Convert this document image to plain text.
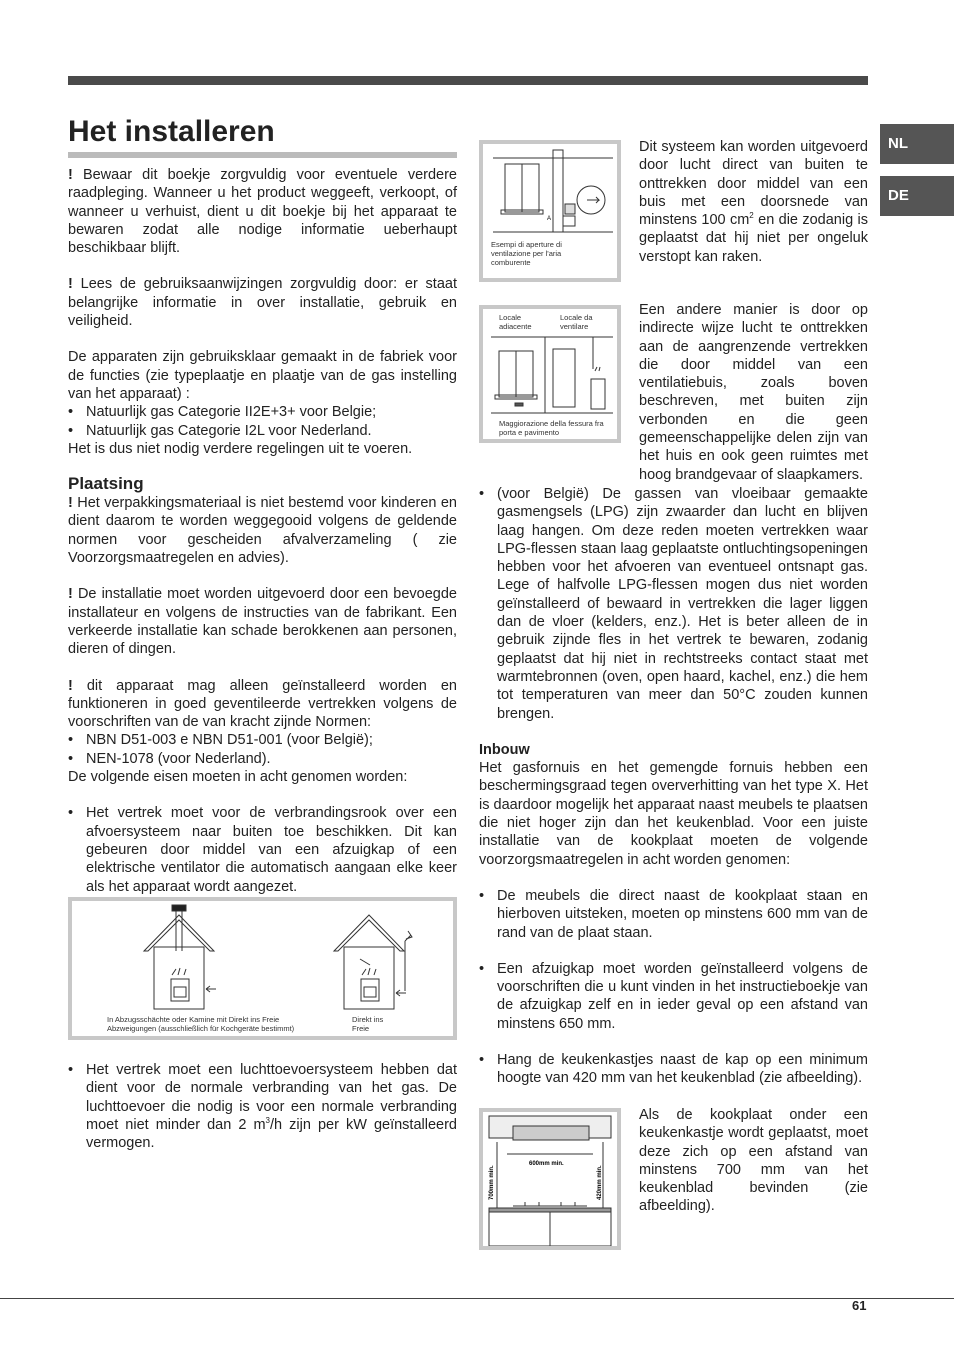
NL
DE
Het installeren

! Bewaar dit boekje zorgvuldig voor eventuele verdere raadpleging. Wanneer u het product weggeeft, verkoopt, of wanneer u verhuist, dient u dit boekje bij het apparaat te bewaren zodat alle nodige informatie ueberhaupt beschikbaar blijft.

! Lees de gebruiksaanwijzingen zorgvuldig door: er staat belangrijke informatie in over installatie, gebruik en veiligheid.

De apparaten zijn gebruiksklaar gemaakt in de fabriek voor de functies (zie typeplaatje en plaatje van de gas instelling van het apparaat) :

• Natuurlijk gas Categorie II2E+3+ voor Belgie;
• Natuurlijk gas Categorie I2L voor Nederland.

Het is dus niet nodig verdere regelingen uit te voeren.

Plaatsing

! Het verpakkingsmateriaal is niet bestemd voor kinderen en dient daarom te worden weggegooid volgens de geldende normen voor gescheiden afvalverzameling ( zie Voorzorgsmaatregelen en advies).

! De installatie moet worden uitgevoerd door een bevoegde installateur en volgens de instructies van de fabrikant. Een verkeerde installatie kan schade berokkenen aan personen, dieren of dingen.

! dit apparaat mag alleen geïnstalleerd worden en funktioneren in goed geventileerde vertrekken volgens de voorschriften van de van kracht zijnde Normen:

• NBN D51-003 e NBN D51-001 (voor België);
• NEN-1078 (voor Nederland).

De volgende eisen moeten in acht genomen worden:

• Het vertrek moet voor de verbrandingsrook over een afvoersysteem naar buiten toe beschikken. Dit kan gebeuren door middel van een afzuigkap of een elektrische ventilator die automatisch aangaan elke keer als het apparaat wordt aangezet.
In Abzugsschächte oder Kamine mit Direkt ins Freie Abzweigungen (ausschließlich für Kochgeräte bestimmt)
Direkt ins Freie
• Het vertrek moet een luchttoevoersysteem hebben dat dient voor de normale verbranding van het gas. De luchttoevoer die nodig is voor een normale verbranding moet niet minder dan 2 $m^3/h$ zijn per kW geïnstalleerd vermogen.
A
Esempi di aperture di ventilazione per l'aria comburente

Dit systeem kan worden uitgevoerd door lucht direct van buiten te onttrekken door middel van een buis met een doorsnede van minstens 100 $cm^2$ en die zodanig is geplaatst dat hij niet per ongeluk verstopt kan raken.

Locale adiacente
Locale da ventilare
Maggiorazione della fessura fra porta e pavimento

Een andere manier is door op indirecte wijze lucht te onttrekken aan de aangrenzende vertrekken die door middel van een ventilatiebuis, zoals boven beschreven, met buiten zijn verbonden en die geen gemeenschappelijke delen zijn van het huis en ook geen ruimtes met hoog brandgevaar of slaapkamers.

• (voor België) De gassen van vloeibaar gemaakte gasmengsels (LPG) zijn zwaarder dan lucht en blijven laag hangen. Om deze reden moeten vertrekken waar LPG-flessen staan laag geplaatste ontluchtingsopeningen hebben voor het afvoeren van eventueel ontsnapt gas. Lege of halfvolle LPG-flessen mogen dus niet worden geïnstalleerd of bewaard in vertrekken die lager liggen dan de vloer (kelders, enz.). Het is beter alleen de in gebruik zijnde fles in het vertrek te bewaren, zodanig geplaatst dat hij niet in rechtstreeks contact staat met warmtebronnen (oven, open haard, kachel, enz.) die hem tot temperaturen van meer dan 50°C zouden kunnen brengen.
Inbouw

Het gasfornuis en het gemengde fornuis hebben een beschermingsgraad tegen oververhitting van het type X. Het is daardoor mogelijk het apparaat naast meubels te plaatsen die niet hoger zijn dan het keukenblad. Voor een juiste installatie van de kookplaat moeten de volgende voorzorgsmaatregelen in acht worden genomen:

• De meubels die direct naast de kookplaat staan en hierboven uitsteken, moeten op minstens 600 mm van de rand van de plaat staan.
• Een afzuigkap moet worden geïnstalleerd volgens de voorschriften die u kunt vinden in het instructieboekje van de afzuigkap zelf en in ieder geval op een afstand van minstens 650 mm.
• Hang de keukenkastjes naast de kap op een minimum hoogte van 420 mm van het keukenblad (zie afbeelding).
600mm min.
700mm min.	420mm min.

Als de kookplaat onder een keukenkastje wordt geplaatst, moet deze zich op een afstand van minstens 700 mm van het keukenblad bevinden (zie afbeelding).

61
